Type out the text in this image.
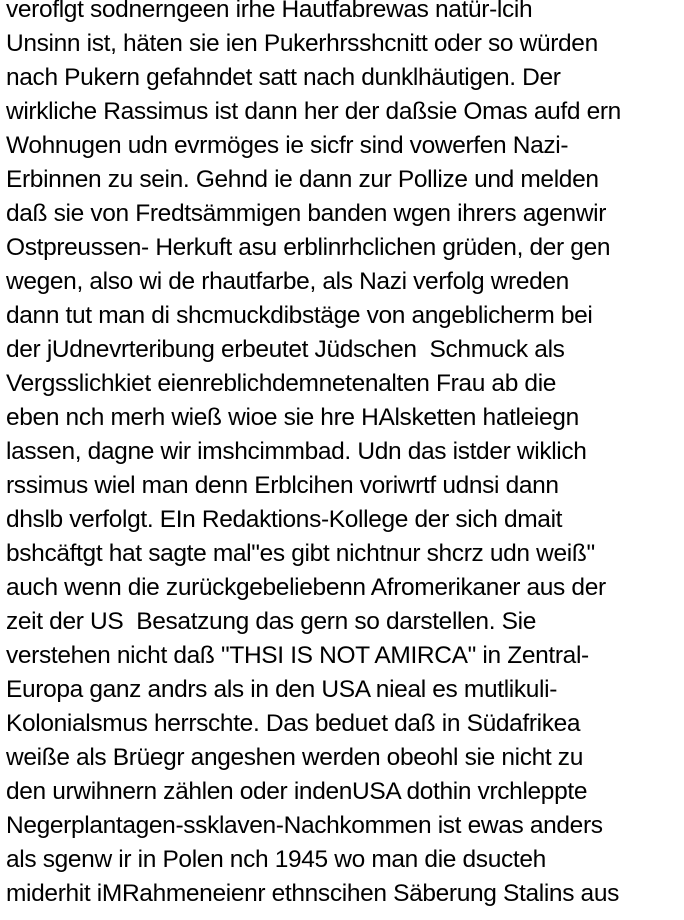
veroflgt sodnerngeen irhe Hautfabrewas natür-lcih
Unsinn ist, häten sie ien Pukerhrsshcnitt oder so würden
nach Pukern gefahndet satt nach dunklhäutigen. Der
wirkliche Rassimus ist dann her der daßsie Omas aufd ern
Wohnugen udn evrmöges ie sicfr sind vowerfen Nazi-
Erbinnen zu sein. Gehnd ie dann zur Pollize und melden
daß sie von Fredtsämmigen banden wgen ihrers agenwir
Ostpreussen- Herkuft asu erblinrhclichen grüden, der gen
wegen, also wi de rhautfarbe, als Nazi verfolg wreden
dann tut man di shcmuckdibstäge von angeblicherm bei
der jUdnevrteribung erbeutet Jüdschen  Schmuck als
Vergsslichkiet eienreblichdemnetenalten Frau ab die
eben nch merh wieß wioe sie hre HAlsketten hatleiegn
lassen, dagne wir imshcimmbad. Udn das istder wiklich
rssimus wiel man denn Erblcihen voriwrtf udnsi dann
dhslb verfolgt. EIn Redaktions-Kollege der sich dmait
bshcäftgt hat sagte mal"es gibt nichtnur shcrz udn weiß"
auch wenn die zurückgebeliebenn Afromerikaner aus der
zeit der US  Besatzung das gern so darstellen. Sie
verstehen nicht daß "THSI IS NOT AMIRCA" in Zentral-
Europa ganz andrs als in den USA nieal es mutlikuli-
Kolonialsmus herrschte. Das beduet daß in Südafrikea
weiße als Brüegr angeshen werden obeohl sie nicht zu
den urwihnern zählen oder indenUSA dothin vrchleppte
Negerplantagen-ssklaven-Nachkommen ist ewas anders
als sgenw ir in Polen nch 1945 wo man die dsucteh
miderhit iMRahmeneienr ethnscihen Säberung Stalins aus
